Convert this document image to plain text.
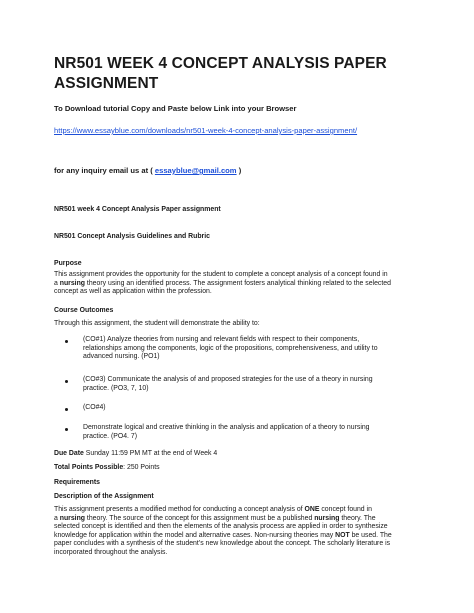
NR501 WEEK 4 CONCEPT ANALYSIS PAPER
ASSIGNMENT
To Download tutorial Copy and Paste below Link into your Browser
https://www.essayblue.com/downloads/nr501-week-4-concept-analysis-paper-assignment/
for any inquiry email us at ( essayblue@gmail.com )
NR501 week 4 Concept Analysis Paper assignment
NR501 Concept Analysis Guidelines and Rubric
Purpose
This assignment provides the opportunity for the student to complete a concept analysis of a concept found in
a nursing theory using an identified process. The assignment fosters analytical thinking related to the selected
concept as well as application within the profession.
Course Outcomes
Through this assignment, the student will demonstrate the ability to:
(CO#1) Analyze theories from nursing and relevant fields with respect to their components,
relationships among the components, logic of the propositions, comprehensiveness, and utility to
advanced nursing. (PO1)
(CO#3) Communicate the analysis of and proposed strategies for the use of a theory in nursing
practice. (PO3, 7, 10)
(CO#4)
Demonstrate logical and creative thinking in the analysis and application of a theory to nursing
practice. (PO4. 7)
Due Date Sunday 11:59 PM MT at the end of Week 4
Total Points Possible: 250 Points
Requirements
Description of the Assignment
This assignment presents a modified method for conducting a concept analysis of ONE concept found in
a nursing theory. The source of the concept for this assignment must be a published nursing theory. The
selected concept is identified and then the elements of the analysis process are applied in order to synthesize
knowledge for application within the model and alternative cases. Non-nursing theories may NOT be used. The
paper concludes with a synthesis of the student’s new knowledge about the concept. The scholarly literature is
incorporated throughout the analysis.
